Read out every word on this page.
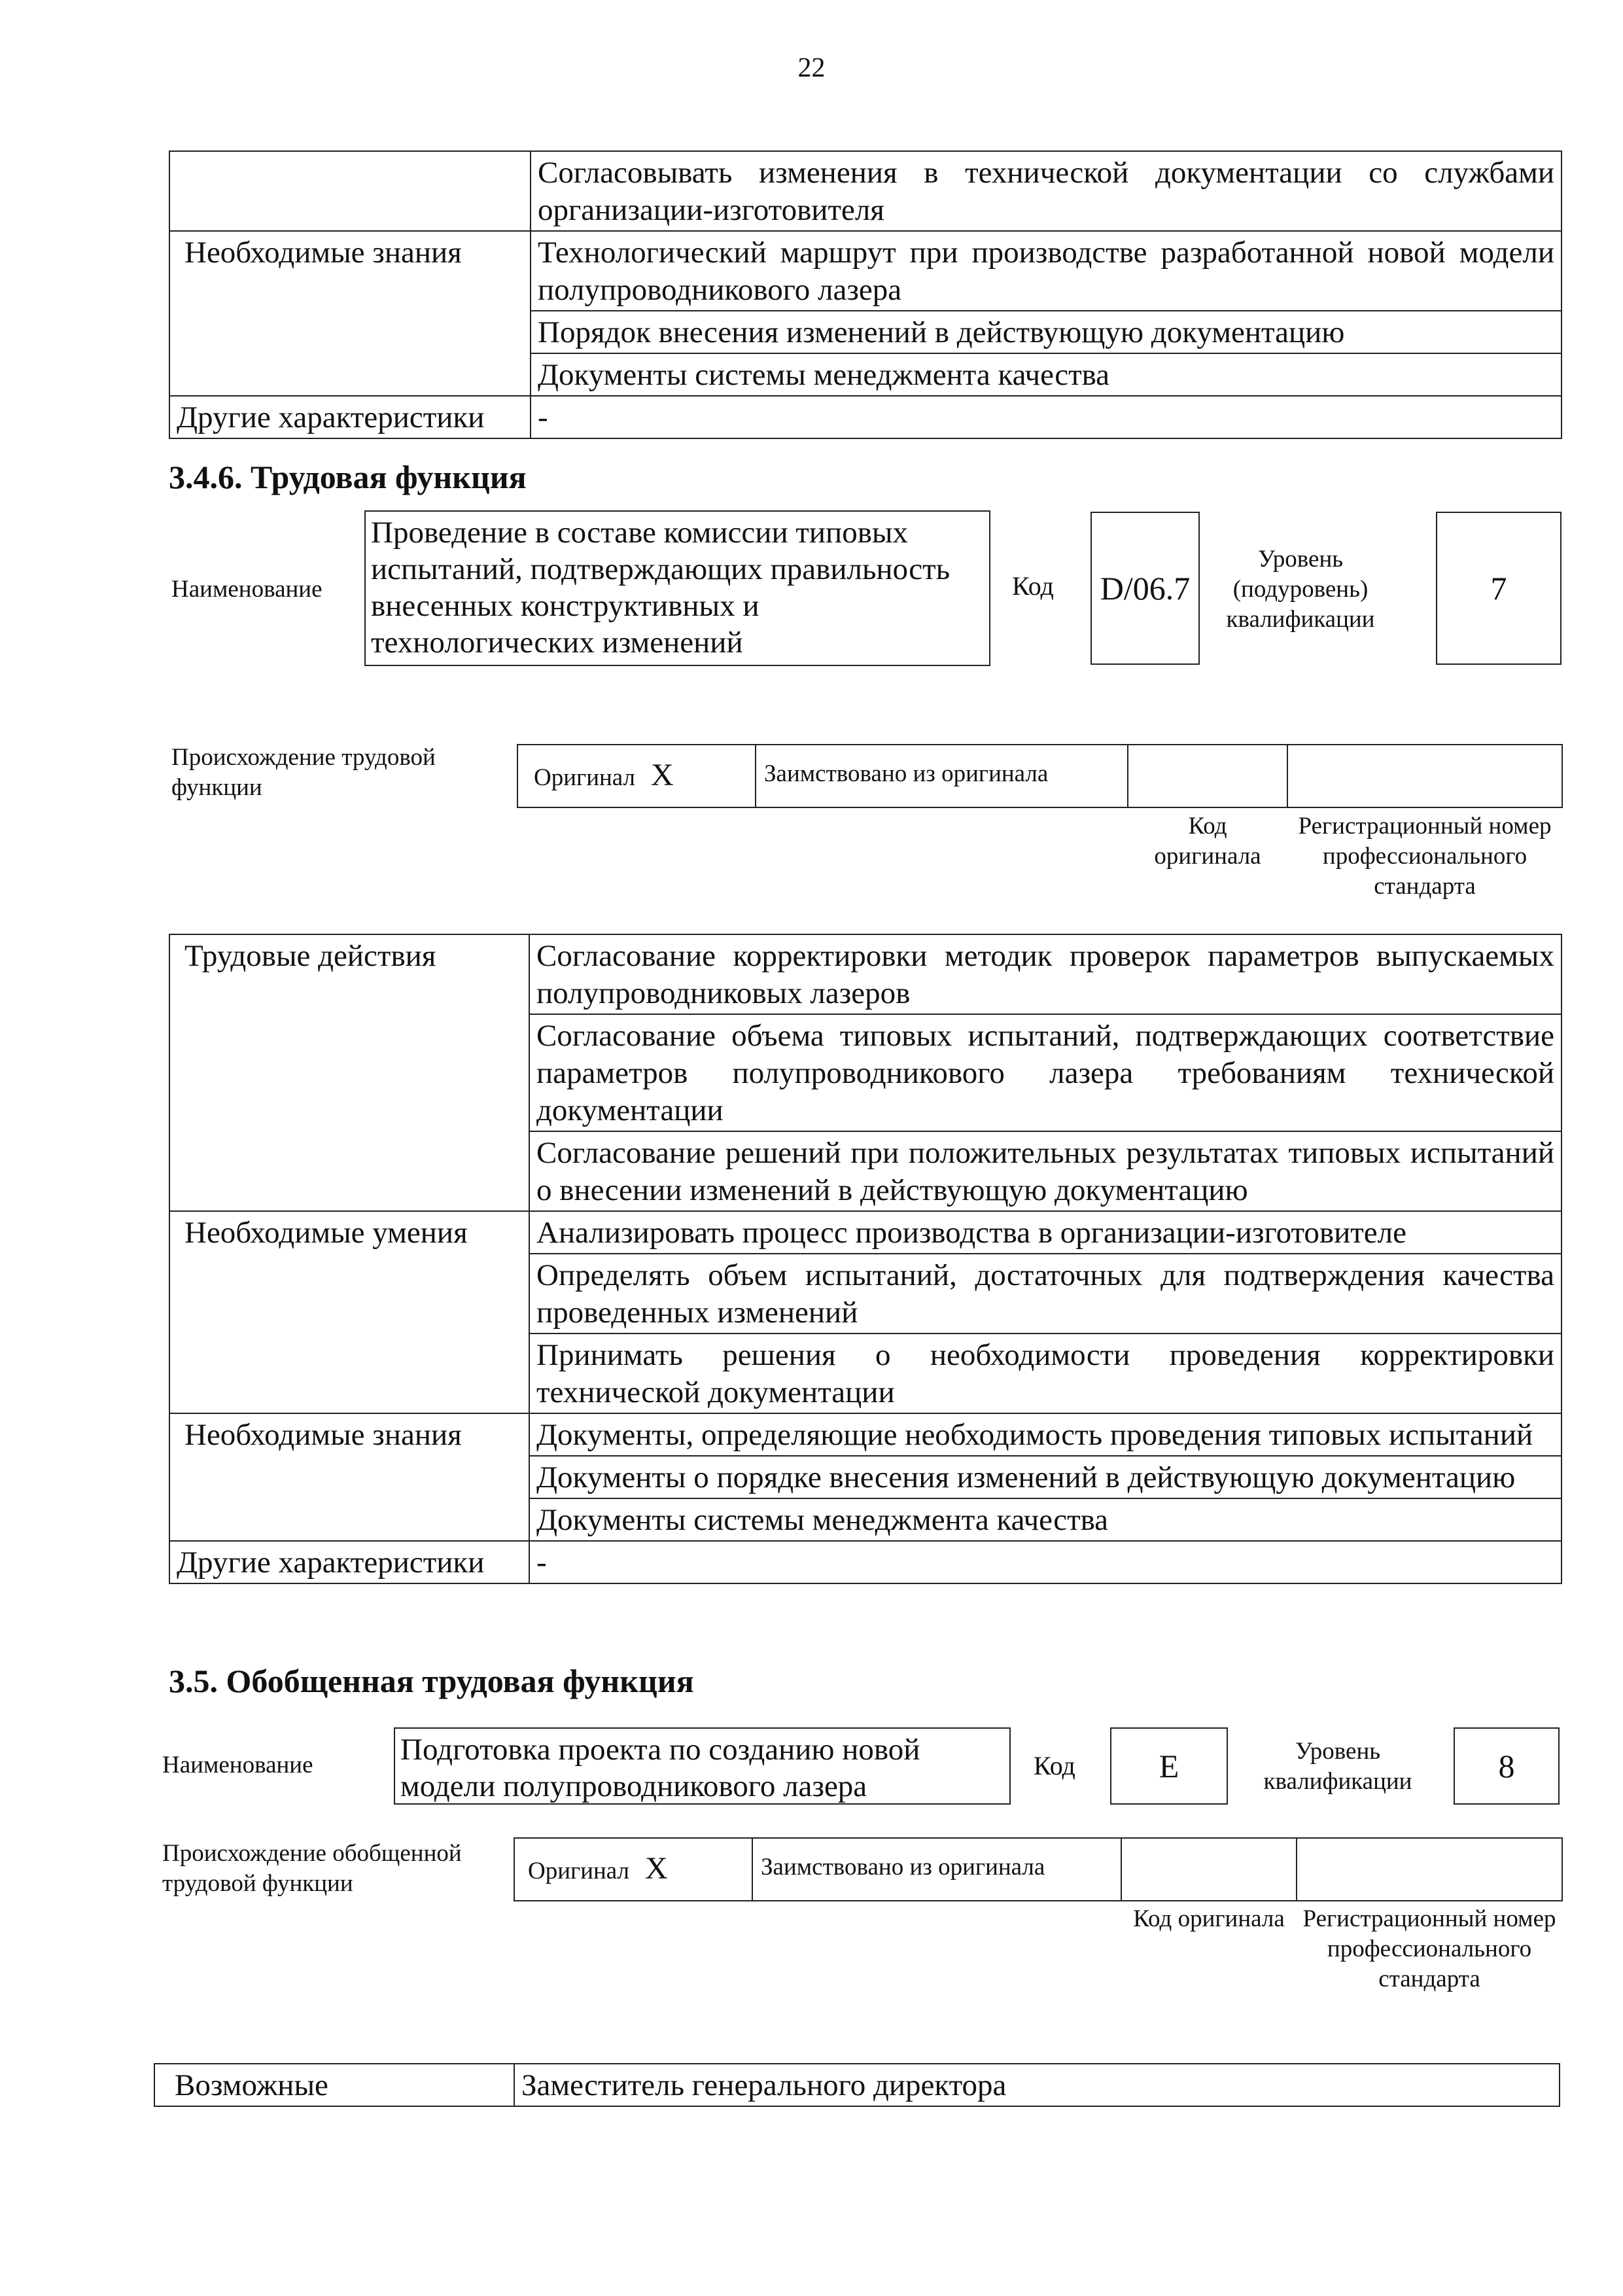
22
	Согласовывать изменения в технической документации со службами организации-изготовителя
Необходимые знания	Технологический маршрут при производстве разработанной новой модели полупроводникового лазера
	Порядок внесения изменений в действующую документацию
	Документы системы менеджмента качества
Другие характеристики	-
3.4.6. Трудовая функция
Наименование
Проведение в составе комиссии типовых испытаний, подтверждающих правильность внесенных конструктивных и технологических изменений
Код D/06.7
Уровень (подуровень) квалификации
7
Происхождение трудовой функции	Оригинал X	Заимствовано из оригинала
Код оригинала
Регистрационный номер профессионального стандарта
Трудовые действия	Согласование корректировки методик проверок параметров выпускаемых полупроводниковых лазеров
	Согласование объема типовых испытаний, подтверждающих соответствие параметров полупроводникового лазера требованиям технической документации
	Согласование решений при положительных результатах типовых испытаний о внесении изменений в действующую документацию
Необходимые умения	Анализировать процесс производства в организации-изготовителе
	Определять объем испытаний, достаточных для подтверждения качества проведенных изменений
	Принимать решения о необходимости проведения корректировки технической документации
Необходимые знания	Документы, определяющие необходимость проведения типовых испытаний
	Документы о порядке внесения изменений в действующую документацию
	Документы системы менеджмента качества
Другие характеристики	-
3.5. Обобщенная трудовая функция
Наименование	Подготовка проекта по созданию новой модели полупроводникового лазера
Код	E	Уровень квалификации	8
Происхождение обобщенной трудовой функции	Оригинал X	Заимствовано из оригинала
Код оригинала Регистрационный номер профессионального стандарта
Возможные	Заместитель генерального директора
